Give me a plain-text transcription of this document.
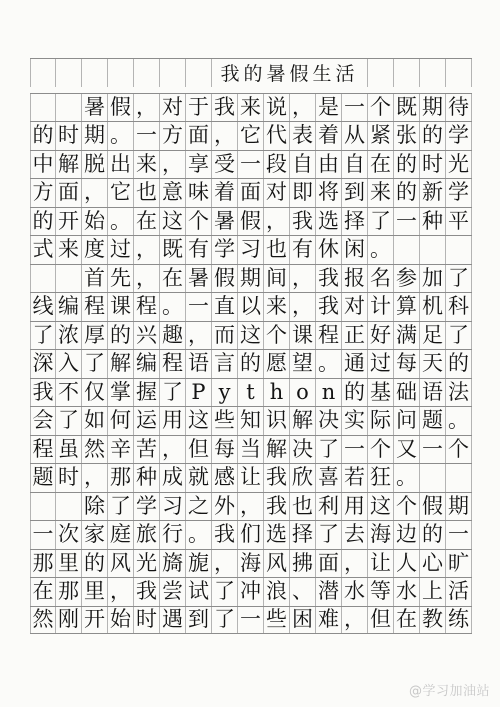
我的暑假生活
暑 假 ， 对 于 我 来 说 ， 是 一 个 既 期 待
的 时 期 。 一 方 面 ， 它 代 表 着 从 紧 张 的 学
中 解 脱 出 来 ， 享 受 一 段 自 由 自 在 的 时 光
方 面 ， 它 也 意 味 着 面 对 即 将 到 来 的 新 学
的 开 始 。 在 这 个 暑 假 ， 我 选 择 了 一 种 平
式 来 度 过 ， 既 有 学 习 也 有 休 闲 。
首 先 ， 在 暑 假 期 间 ， 我 报 名 参 加 了
线 编 程 课 程 。 一 直 以 来 ， 我 对 计 算 机 科
了 浓 厚 的 兴 趣 ， 而 这 个 课 程 正 好 满 足 了
深 入 了 解 编 程 语 言 的 愿 望 。 通 过 每 天 的
我 不 仅 掌 握 了 P y t h o n 的 基 础 语 法
会 了 如 何 运 用 这 些 知 识 解 决 实 际 问 题 。
程 虽 然 辛 苦 ， 但 每 当 解 决 了 一 个 又 一 个
题 时 ， 那 种 成 就 感 让 我 欣 喜 若 狂 。
除 了 学 习 之 外 ， 我 也 利 用 这 个 假 期
一 次 家 庭 旅 行 。 我 们 选 择 了 去 海 边 的 一
那 里 的 风 光 旖 旎 ， 海 风 拂 面 ， 让 人 心 旷
在 那 里 ， 我 尝 试 了 冲 浪 、 潜 水 等 水 上 活
然 刚 开 始 时 遇 到 了 一 些 困 难 ， 但 在 教 练
@学习加油站
